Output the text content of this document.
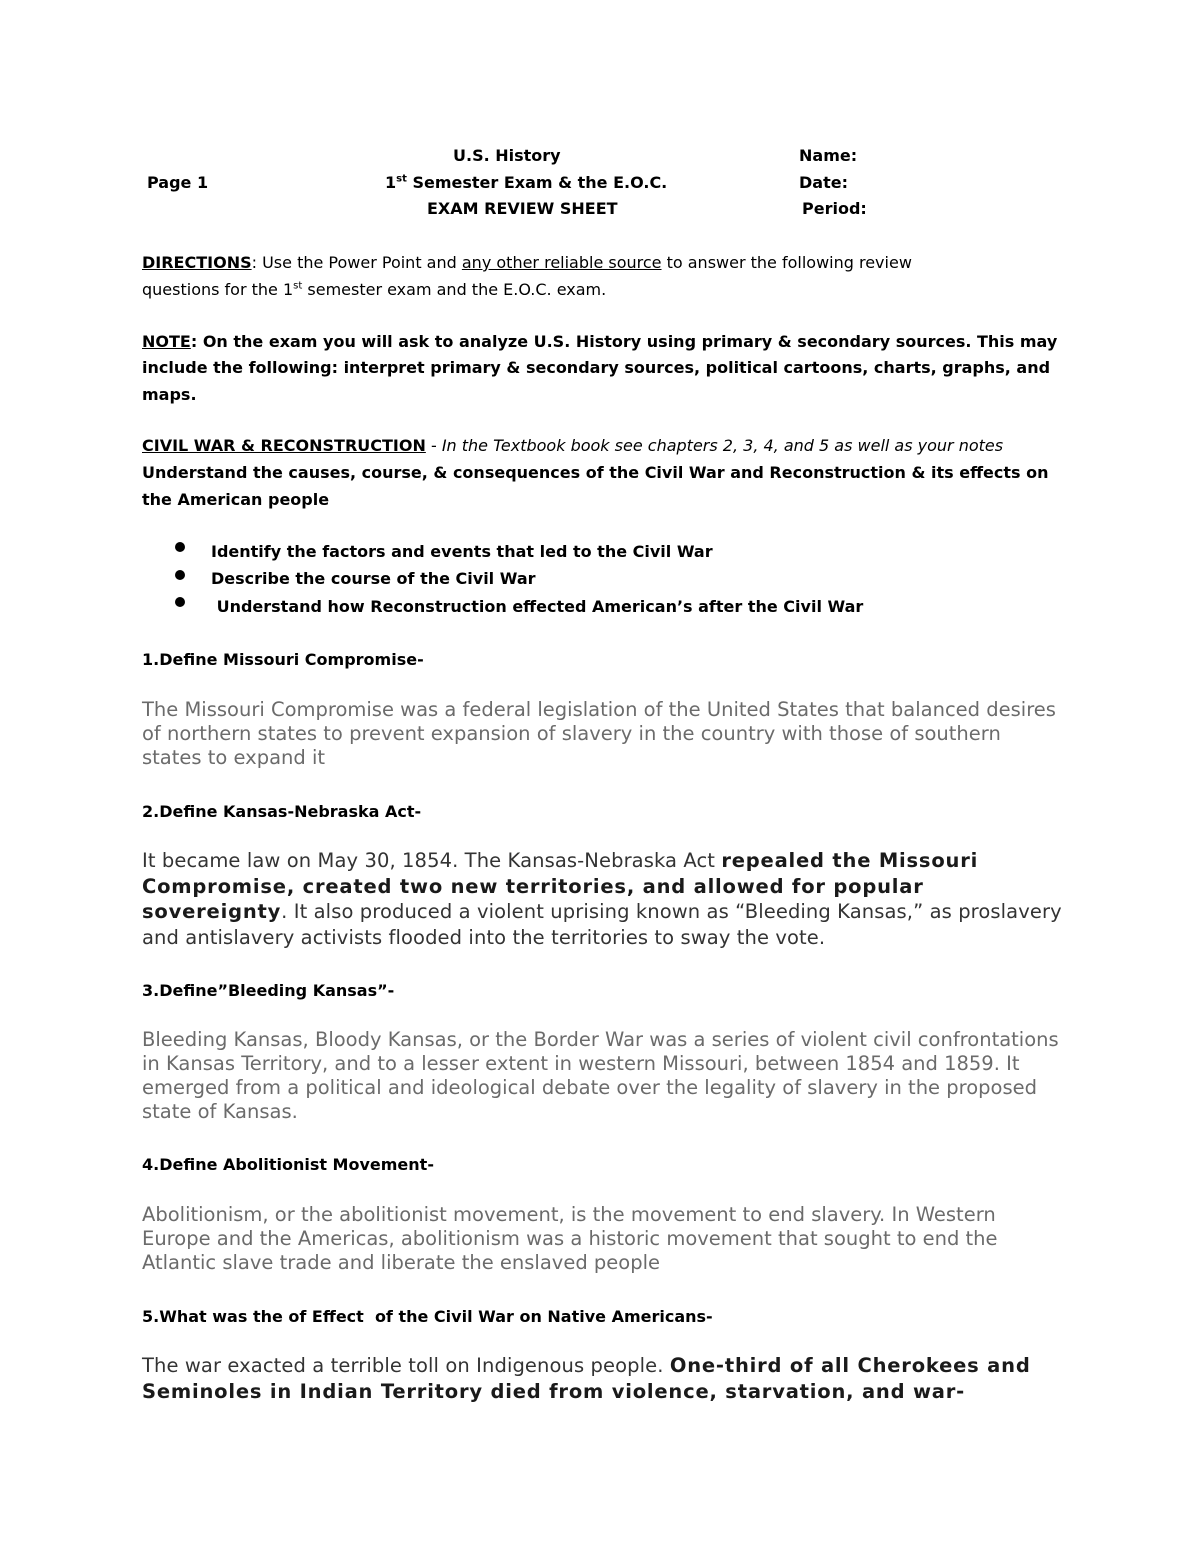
U.S. History	Name:
Page 1	1st Semester Exam & the E.O.C.	Date:
EXAM REVIEW SHEET	Period:
DIRECTIONS: Use the Power Point and any other reliable source to answer the following review
questions for the 1st semester exam and the E.O.C. exam.
NOTE: On the exam you will ask to analyze U.S. History using primary & secondary sources. This may
include the following: interpret primary & secondary sources, political cartoons, charts, graphs, and
maps.
CIVIL WAR & RECONSTRUCTION - In the Textbook book see chapters 2, 3, 4, and 5 as well as your notes
Understand the causes, course, & consequences of the Civil War and Reconstruction & its effects on
the American people
Identify the factors and events that led to the Civil War
Describe the course of the Civil War
Understand how Reconstruction effected American’s after the Civil War
1.Define Missouri Compromise-
The Missouri Compromise was a federal legislation of the United States that balanced desires of northern states to prevent expansion of slavery in the country with those of southern states to expand it
2.Define Kansas-Nebraska Act-
It became law on May 30, 1854. The Kansas-Nebraska Act repealed the Missouri Compromise, created two new territories, and allowed for popular sovereignty. It also produced a violent uprising known as “Bleeding Kansas,” as proslavery and antislavery activists flooded into the territories to sway the vote.
3.Define”Bleeding Kansas”-
Bleeding Kansas, Bloody Kansas, or the Border War was a series of violent civil confrontations in Kansas Territory, and to a lesser extent in western Missouri, between 1854 and 1859. It emerged from a political and ideological debate over the legality of slavery in the proposed state of Kansas.
4.Define Abolitionist Movement-
Abolitionism, or the abolitionist movement, is the movement to end slavery. In Western Europe and the Americas, abolitionism was a historic movement that sought to end the Atlantic slave trade and liberate the enslaved people
5.What was the of Effect  of the Civil War on Native Americans-
The war exacted a terrible toll on Indigenous people. One-third of all Cherokees and Seminoles in Indian Territory died from violence, starvation, and war-
